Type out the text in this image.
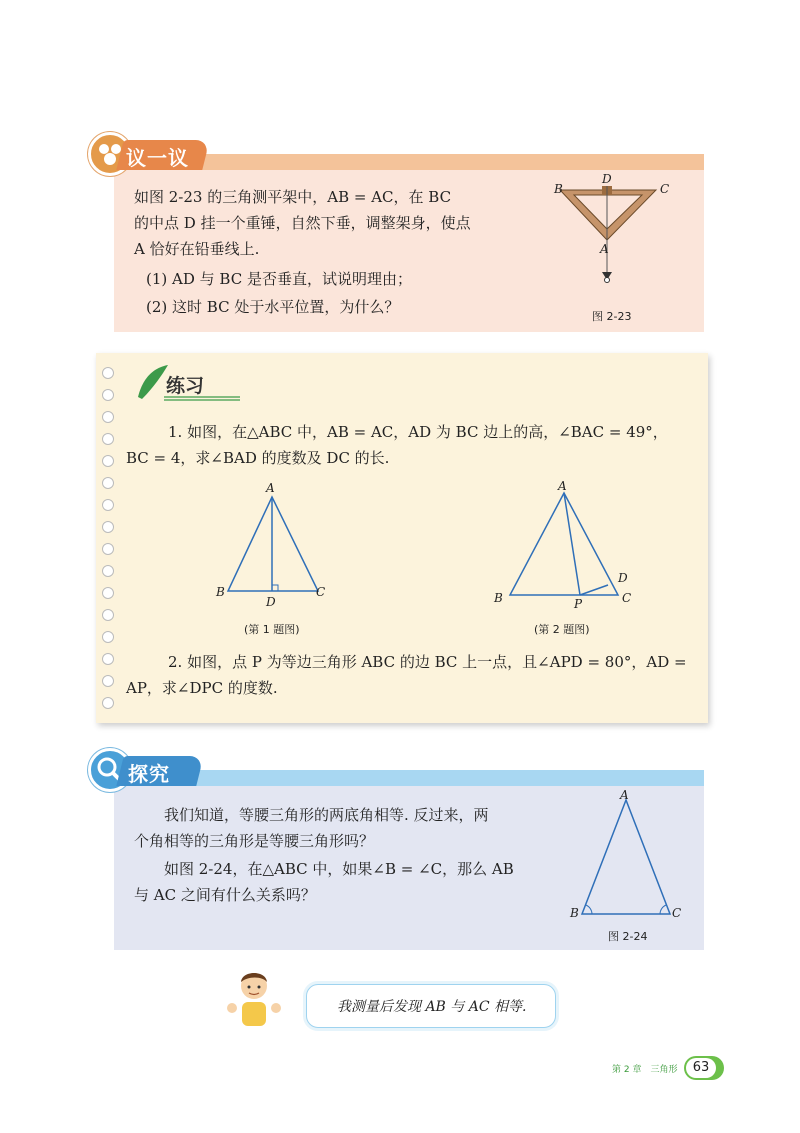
议一议
如图 2-23 的三角测平架中，AB = AC，在 BC
的中点 D 挂一个重锤，自然下垂，调整架身，使点
A 恰好在铅垂线上.
(1) AD 与 BC 是否垂直，试说明理由；
(2) 这时 BC 处于水平位置，为什么？
B
D
C
A
图 2-23
练习
1. 如图，在△ABC 中，AB = AC，AD 为 BC 边上的高，∠BAC = 49°，
BC = 4，求∠BAD 的度数及 DC 的长.
A
B	C
D
(第 1 题图)
A
B	C
D
P
(第 2 题图)
2. 如图，点 P 为等边三角形 ABC 的边 BC 上一点，且∠APD = 80°，AD =
AP，求∠DPC 的度数.
探究
我们知道，等腰三角形的两底角相等. 反过来，两
个角相等的三角形是等腰三角形吗？
如图 2-24，在△ABC 中，如果∠B = ∠C，那么 AB
与 AC 之间有什么关系吗？
A
B	C
图 2-24
我测量后发现 AB 与 AC 相等.
第 2 章　三角形	63
